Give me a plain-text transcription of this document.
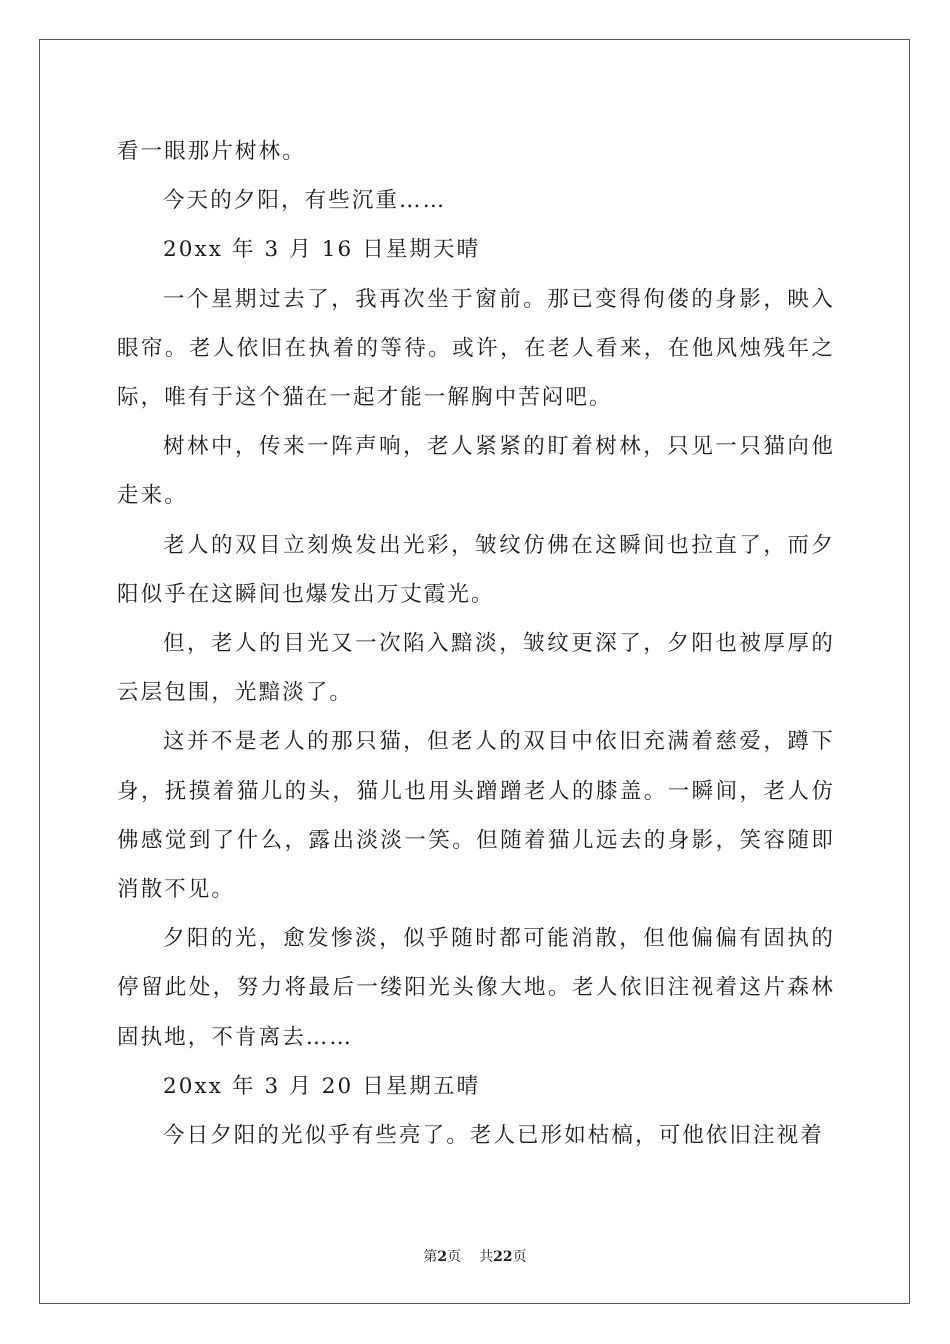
看一眼那片树林。

今天的夕阳，有些沉重……

20xx 年 3 月 16 日星期天晴

一个星期过去了，我再次坐于窗前。那已变得佝偻的身影，映入眼帘。老人依旧在执着的等待。或许，在老人看来，在他风烛残年之际，唯有于这个猫在一起才能一解胸中苦闷吧。

树林中，传来一阵声响，老人紧紧的盯着树林，只见一只猫向他走来。

老人的双目立刻焕发出光彩，皱纹仿佛在这瞬间也拉直了，而夕阳似乎在这瞬间也爆发出万丈霞光。

但，老人的目光又一次陷入黯淡，皱纹更深了，夕阳也被厚厚的云层包围，光黯淡了。

这并不是老人的那只猫，但老人的双目中依旧充满着慈爱，蹲下身，抚摸着猫儿的头，猫儿也用头蹭蹭老人的膝盖。一瞬间，老人仿佛感觉到了什么，露出淡淡一笑。但随着猫儿远去的身影，笑容随即消散不见。

夕阳的光，愈发惨淡，似乎随时都可能消散，但他偏偏有固执的停留此处，努力将最后一缕阳光头像大地。老人依旧注视着这片森林固执地，不肯离去……

20xx 年 3 月 20 日星期五晴

今日夕阳的光似乎有些亮了。老人已形如枯槁，可他依旧注视着

第2页 共22页
